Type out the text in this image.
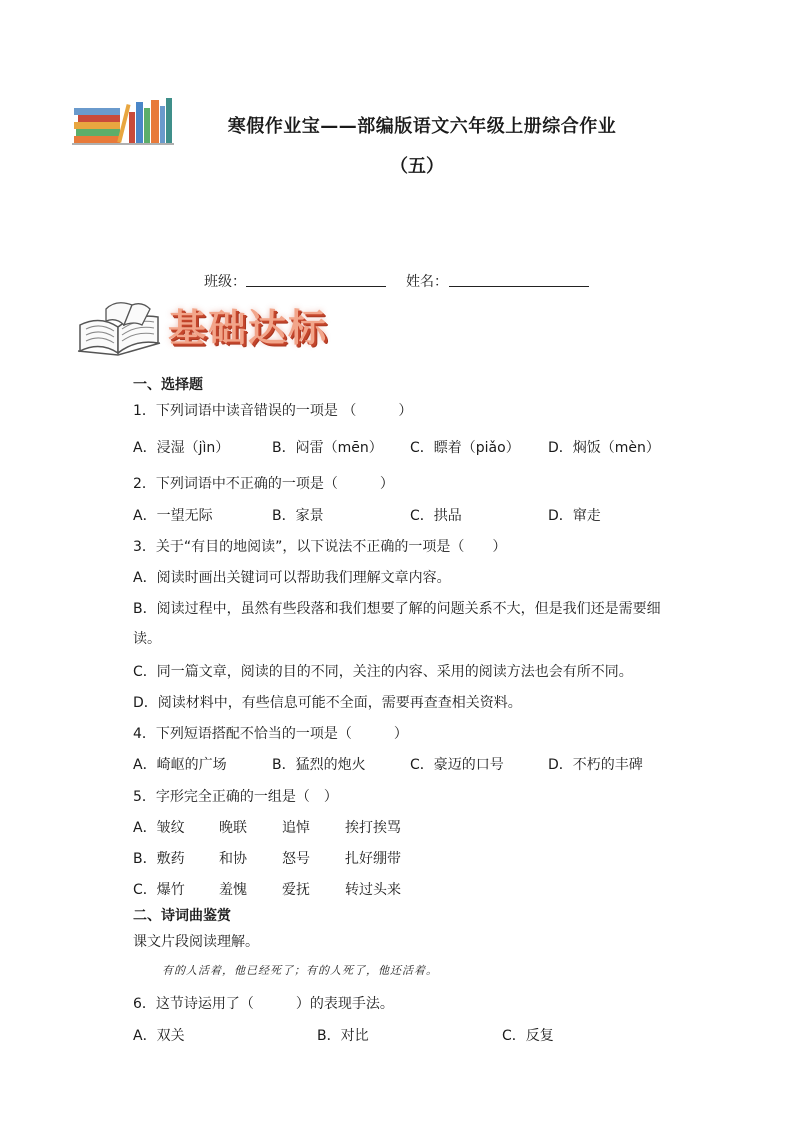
寒假作业宝——部编版语文六年级上册综合作业
（五）
班级：	姓名：
基础达标
一、选择题
1．下列词语中读音错误的一项是 （　　　）
A．浸湿（jìn）	B．闷雷（mēn） C．瞟着（piǎo） D．焖饭（mèn）
2．下列词语中不正确的一项是（　　　）
A．一望无际	B．家景	C．拱品	D．窜走
3．关于“有目的地阅读”，以下说法不正确的一项是（　　）
A．阅读时画出关键词可以帮助我们理解文章内容。
B．阅读过程中，虽然有些段落和我们想要了解的问题关系不大，但是我们还是需要细
读。
C．同一篇文章，阅读的目的不同，关注的内容、采用的阅读方法也会有所不同。
D．阅读材料中，有些信息可能不全面，需要再查查相关资料。
4．下列短语搭配不恰当的一项是（　　　）
A．崎岖的广场	B．猛烈的炮火	C．豪迈的口号	D．不朽的丰碑
5．字形完全正确的一组是（　）
A．皱纹 晚联	追悼	挨打挨骂
B．敷药 和协	怒号	扎好绷带
C．爆竹 羞愧	爱抚	转过头来
二、诗词曲鉴赏
课文片段阅读理解。
有的人活着，他已经死了；有的人死了，他还活着。
6．这节诗运用了（　　　）的表现手法。
A．双关	B．对比	C．反复
